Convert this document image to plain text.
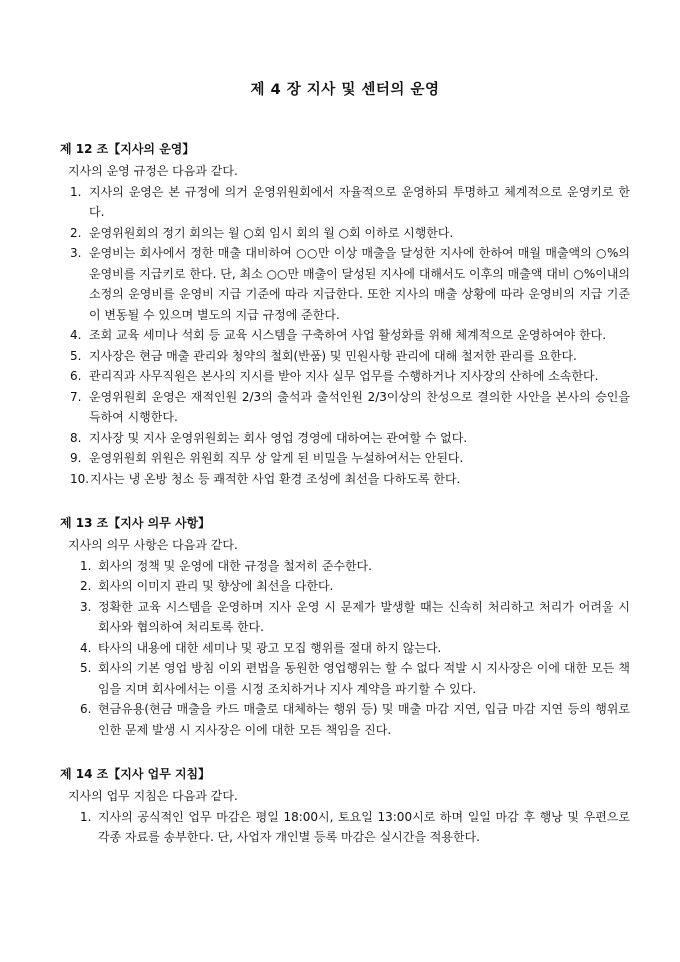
제 4 장 지사 및 센터의 운영
제 12 조【지사의 운영】
지사의 운영 규정은 다음과 같다.
1. 지사의 운영은 본 규정에 의거 운영위원회에서 자율적으로 운영하되 투명하고 체계적으로 운영키로 한다.
2. 운영위원회의 정기 회의는 월 ○회 임시 회의 월 ○회 이하로 시행한다.
3. 운영비는 회사에서 정한 매출 대비하여 ○○만 이상 매출을 달성한 지사에 한하여 매월 매출액의 ○%의 운영비를 지급키로 한다. 단, 최소 ○○만 매출이 달성된 지사에 대해서도 이후의 매출액 대비 ○%이내의 소정의 운영비를 운영비 지급 기준에 따라 지급한다. 또한 지사의 매출 상황에 따라 운영비의 지급 기준이 변동될 수 있으며 별도의 지급 규정에 준한다.
4. 조회 교육 세미나 석회 등 교육 시스템을 구축하여 사업 활성화를 위해 체계적으로 운영하여야 한다.
5. 지사장은 현금 매출 관리와 청약의 철회(반품) 및 민원사항 관리에 대해 철저한 관리를 요한다.
6. 관리직과 사무직원은 본사의 지시를 받아 지사 실무 업무를 수행하거나 지사장의 산하에 소속한다.
7. 운영위원회 운영은 재적인원 2/3의 출석과 출석인원 2/3이상의 찬성으로 결의한 사안을 본사의 승인을 득하여 시행한다.
8. 지사장 및 지사 운영위원회는 회사 영업 경영에 대하여는 관여할 수 없다.
9. 운영위원회 위원은 위원회 직무 상 알게 된 비밀을 누설하여서는 안된다.
10. 지사는 냉 온방 청소 등 쾌적한 사업 환경 조성에 최선을 다하도록 한다.
제 13 조【지사 의무 사항】
지사의 의무 사항은 다음과 같다.
1. 회사의 정책 및 운영에 대한 규정을 철저히 준수한다.
2. 회사의 이미지 관리 및 향상에 최선을 다한다.
3. 정확한 교육 시스템을 운영하며 지사 운영 시 문제가 발생할 때는 신속히 처리하고 처리가 어려울 시 회사와 협의하여 처리토록 한다.
4. 타사의 내용에 대한 세미나 및 광고 모집 행위를 절대 하지 않는다.
5. 회사의 기본 영업 방침 이외 편법을 동원한 영업행위는 할 수 없다 적발 시 지사장은 이에 대한 모든 책임을 지며 회사에서는 이를 시정 조치하거나 지사 계약을 파기할 수 있다.
6. 현금유용(현금 매출을 카드 매출로 대체하는 행위 등) 및 매출 마감 지연, 입금 마감 지연 등의 행위로 인한 문제 발생 시 지사장은 이에 대한 모든 책임을 진다.
제 14 조【지사 업무 지침】
지사의 업무 지침은 다음과 같다.
1. 지사의 공식적인 업무 마감은 평일 18:00시, 토요일 13:00시로 하며 일일 마감 후 행낭 및 우편으로 각종 자료를 송부한다. 단, 사업자 개인별 등록 마감은 실시간을 적용한다.
